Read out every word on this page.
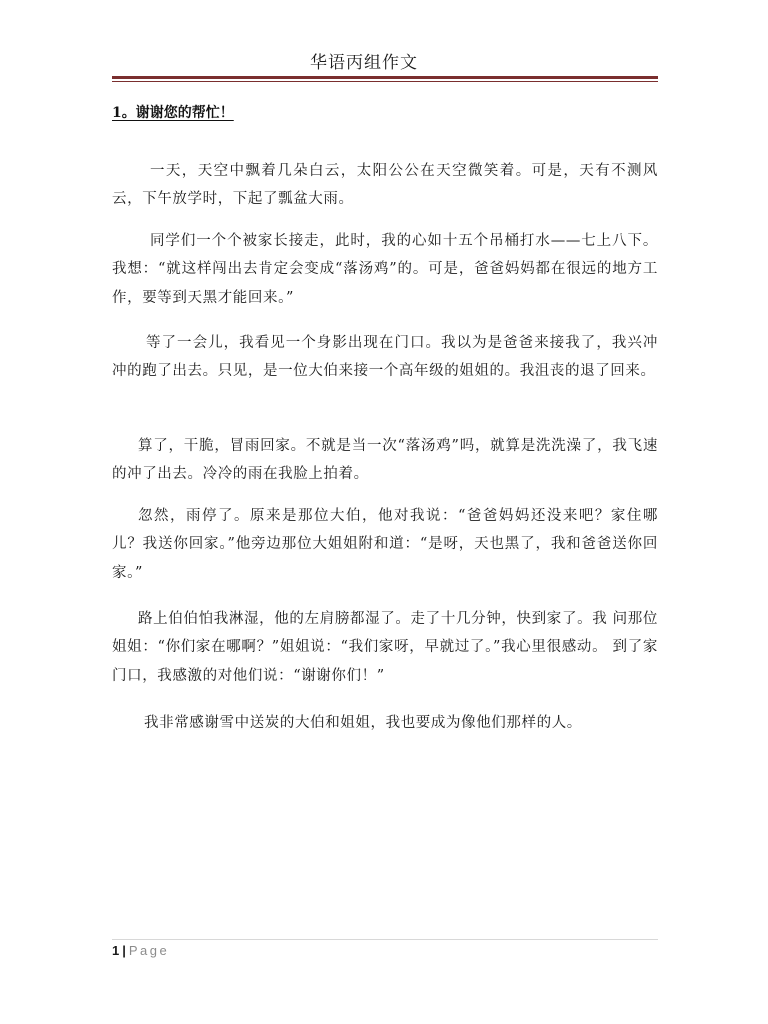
华语丙组作文
1。谢谢您的帮忙！

一天，天空中飘着几朵白云，太阳公公在天空微笑着。可是，天有不测风云，下午放学时，下起了瓢盆大雨。

同学们一个个被家长接走，此时，我的心如十五个吊桶打水——七上八下。我想：“就这样闯出去肯定会变成“落汤鸡”的。可是，爸爸妈妈都在很远的地方工作，要等到天黑才能回来。”

等了一会儿，我看见一个身影出现在门口。我以为是爸爸来接我了，我兴冲冲的跑了出去。只见，是一位大伯来接一个高年级的姐姐的。我沮丧的退了回来。

算了，干脆，冒雨回家。不就是当一次“落汤鸡”吗，就算是洗洗澡了，我飞速的冲了出去。冷冷的雨在我脸上拍着。

忽然，雨停了。原来是那位大伯，他对我说：“爸爸妈妈还没来吧？家住哪儿？我送你回家。”他旁边那位大姐姐附和道：“是呀，天也黑了，我和爸爸送你回家。”

路上伯伯怕我淋湿，他的左肩膀都湿了。走了十几分钟，快到家了。我 问那位姐姐：“你们家在哪啊？”姐姐说：“我们家呀，早就过了。”我心里很感动。 到了家门口，我感激的对他们说：“谢谢你们！”

我非常感谢雪中送炭的大伯和姐姐，我也要成为像他们那样的人。

1 | Page
